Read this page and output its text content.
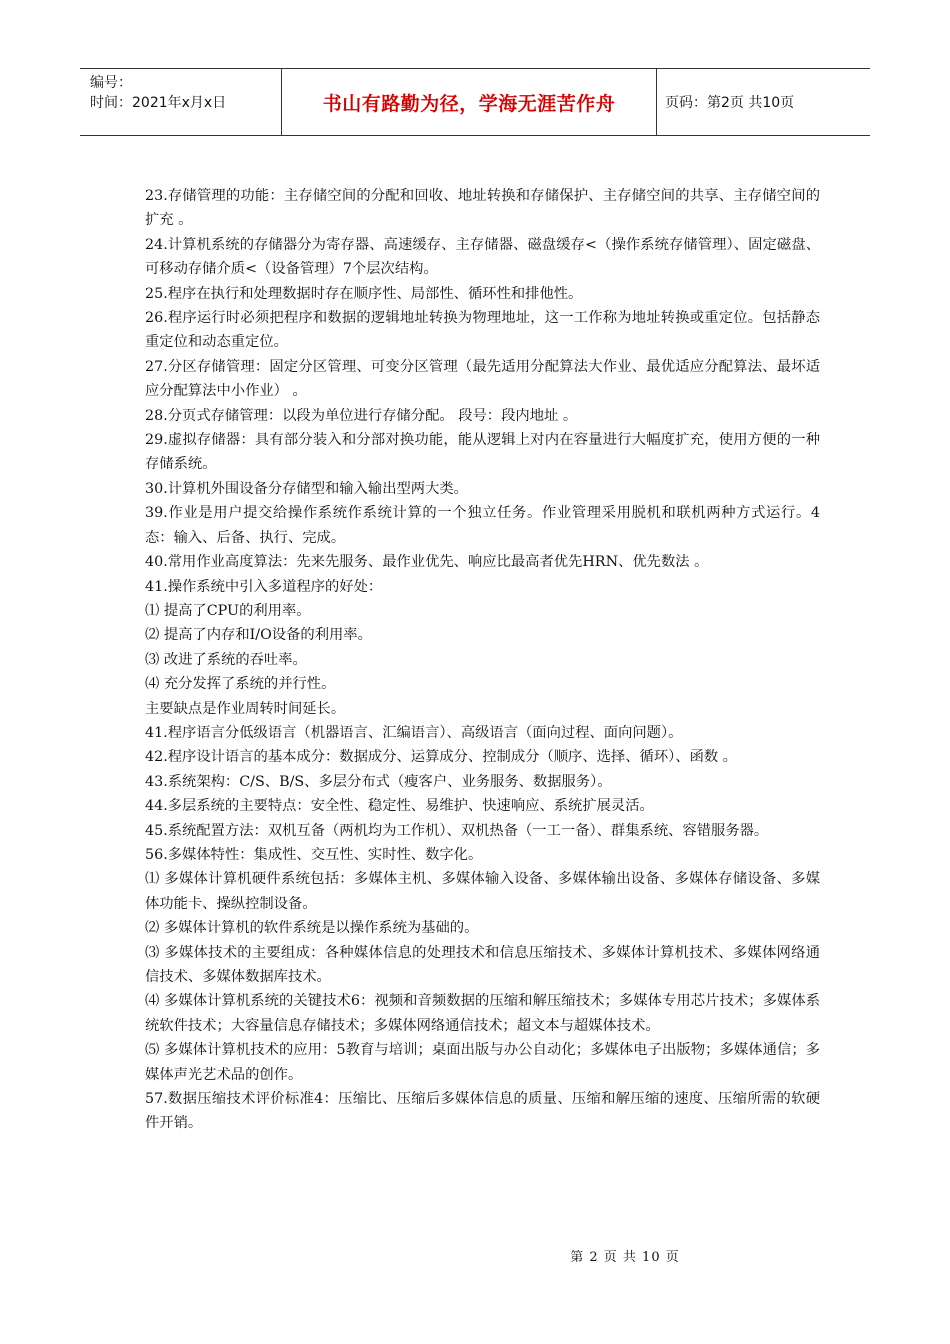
编号：
时间：2021年x月x日	书山有路勤为径，学海无涯苦作舟	页码：第2页 共10页

23.存储管理的功能：主存储空间的分配和回收、地址转换和存储保护、主存储空间的共享、主存储空间的扩充 。

24.计算机系统的存储器分为寄存器、高速缓存、主存储器、磁盘缓存<（操作系统存储管理）、固定磁盘、可移动存储介质<（设备管理）7个层次结构。

25.程序在执行和处理数据时存在顺序性、局部性、循环性和排他性。

26.程序运行时必须把程序和数据的逻辑地址转换为物理地址，这一工作称为地址转换或重定位。包括静态重定位和动态重定位。

27.分区存储管理：固定分区管理、可变分区管理（最先适用分配算法大作业、最优适应分配算法、最坏适应分配算法中小作业） 。

28.分页式存储管理：以段为单位进行存储分配。 段号：段内地址 。

29.虚拟存储器：具有部分装入和分部对换功能，能从逻辑上对内在容量进行大幅度扩充，使用方便的一种存储系统。

30.计算机外围设备分存储型和输入输出型两大类。

39.作业是用户提交给操作系统作系统计算的一个独立任务。作业管理采用脱机和联机两种方式运行。4态：输入、后备、执行、完成。

40.常用作业高度算法：先来先服务、最作业优先、响应比最高者优先HRN、优先数法 。

41.操作系统中引入多道程序的好处：

⑴ 提高了CPU的利用率。

⑵ 提高了内存和I/O设备的利用率。

⑶ 改进了系统的吞吐率。

⑷ 充分发挥了系统的并行性。

主要缺点是作业周转时间延长。

41.程序语言分低级语言（机器语言、汇编语言）、高级语言（面向过程、面向问题）。

42.程序设计语言的基本成分：数据成分、运算成分、控制成分（顺序、选择、循环）、函数 。

43.系统架构：C/S、B/S、多层分布式（瘦客户、业务服务、数据服务）。

44.多层系统的主要特点：安全性、稳定性、易维护、快速响应、系统扩展灵活。

45.系统配置方法：双机互备（两机均为工作机）、双机热备（一工一备）、群集系统、容错服务器。

56.多媒体特性：集成性、交互性、实时性、数字化。

⑴ 多媒体计算机硬件系统包括：多媒体主机、多媒体输入设备、多媒体输出设备、多媒体存储设备、多媒体功能卡、操纵控制设备。

⑵ 多媒体计算机的软件系统是以操作系统为基础的。

⑶ 多媒体技术的主要组成：各种媒体信息的处理技术和信息压缩技术、多媒体计算机技术、多媒体网络通信技术、多媒体数据库技术。

⑷ 多媒体计算机系统的关键技术6：视频和音频数据的压缩和解压缩技术；多媒体专用芯片技术；多媒体系统软件技术；大容量信息存储技术；多媒体网络通信技术；超文本与超媒体技术。

⑸ 多媒体计算机技术的应用：5教育与培训；桌面出版与办公自动化；多媒体电子出版物；多媒体通信；多媒体声光艺术品的创作。

57.数据压缩技术评价标准4：压缩比、压缩后多媒体信息的质量、压缩和解压缩的速度、压缩所需的软硬件开销。

第 2 页 共 10 页
